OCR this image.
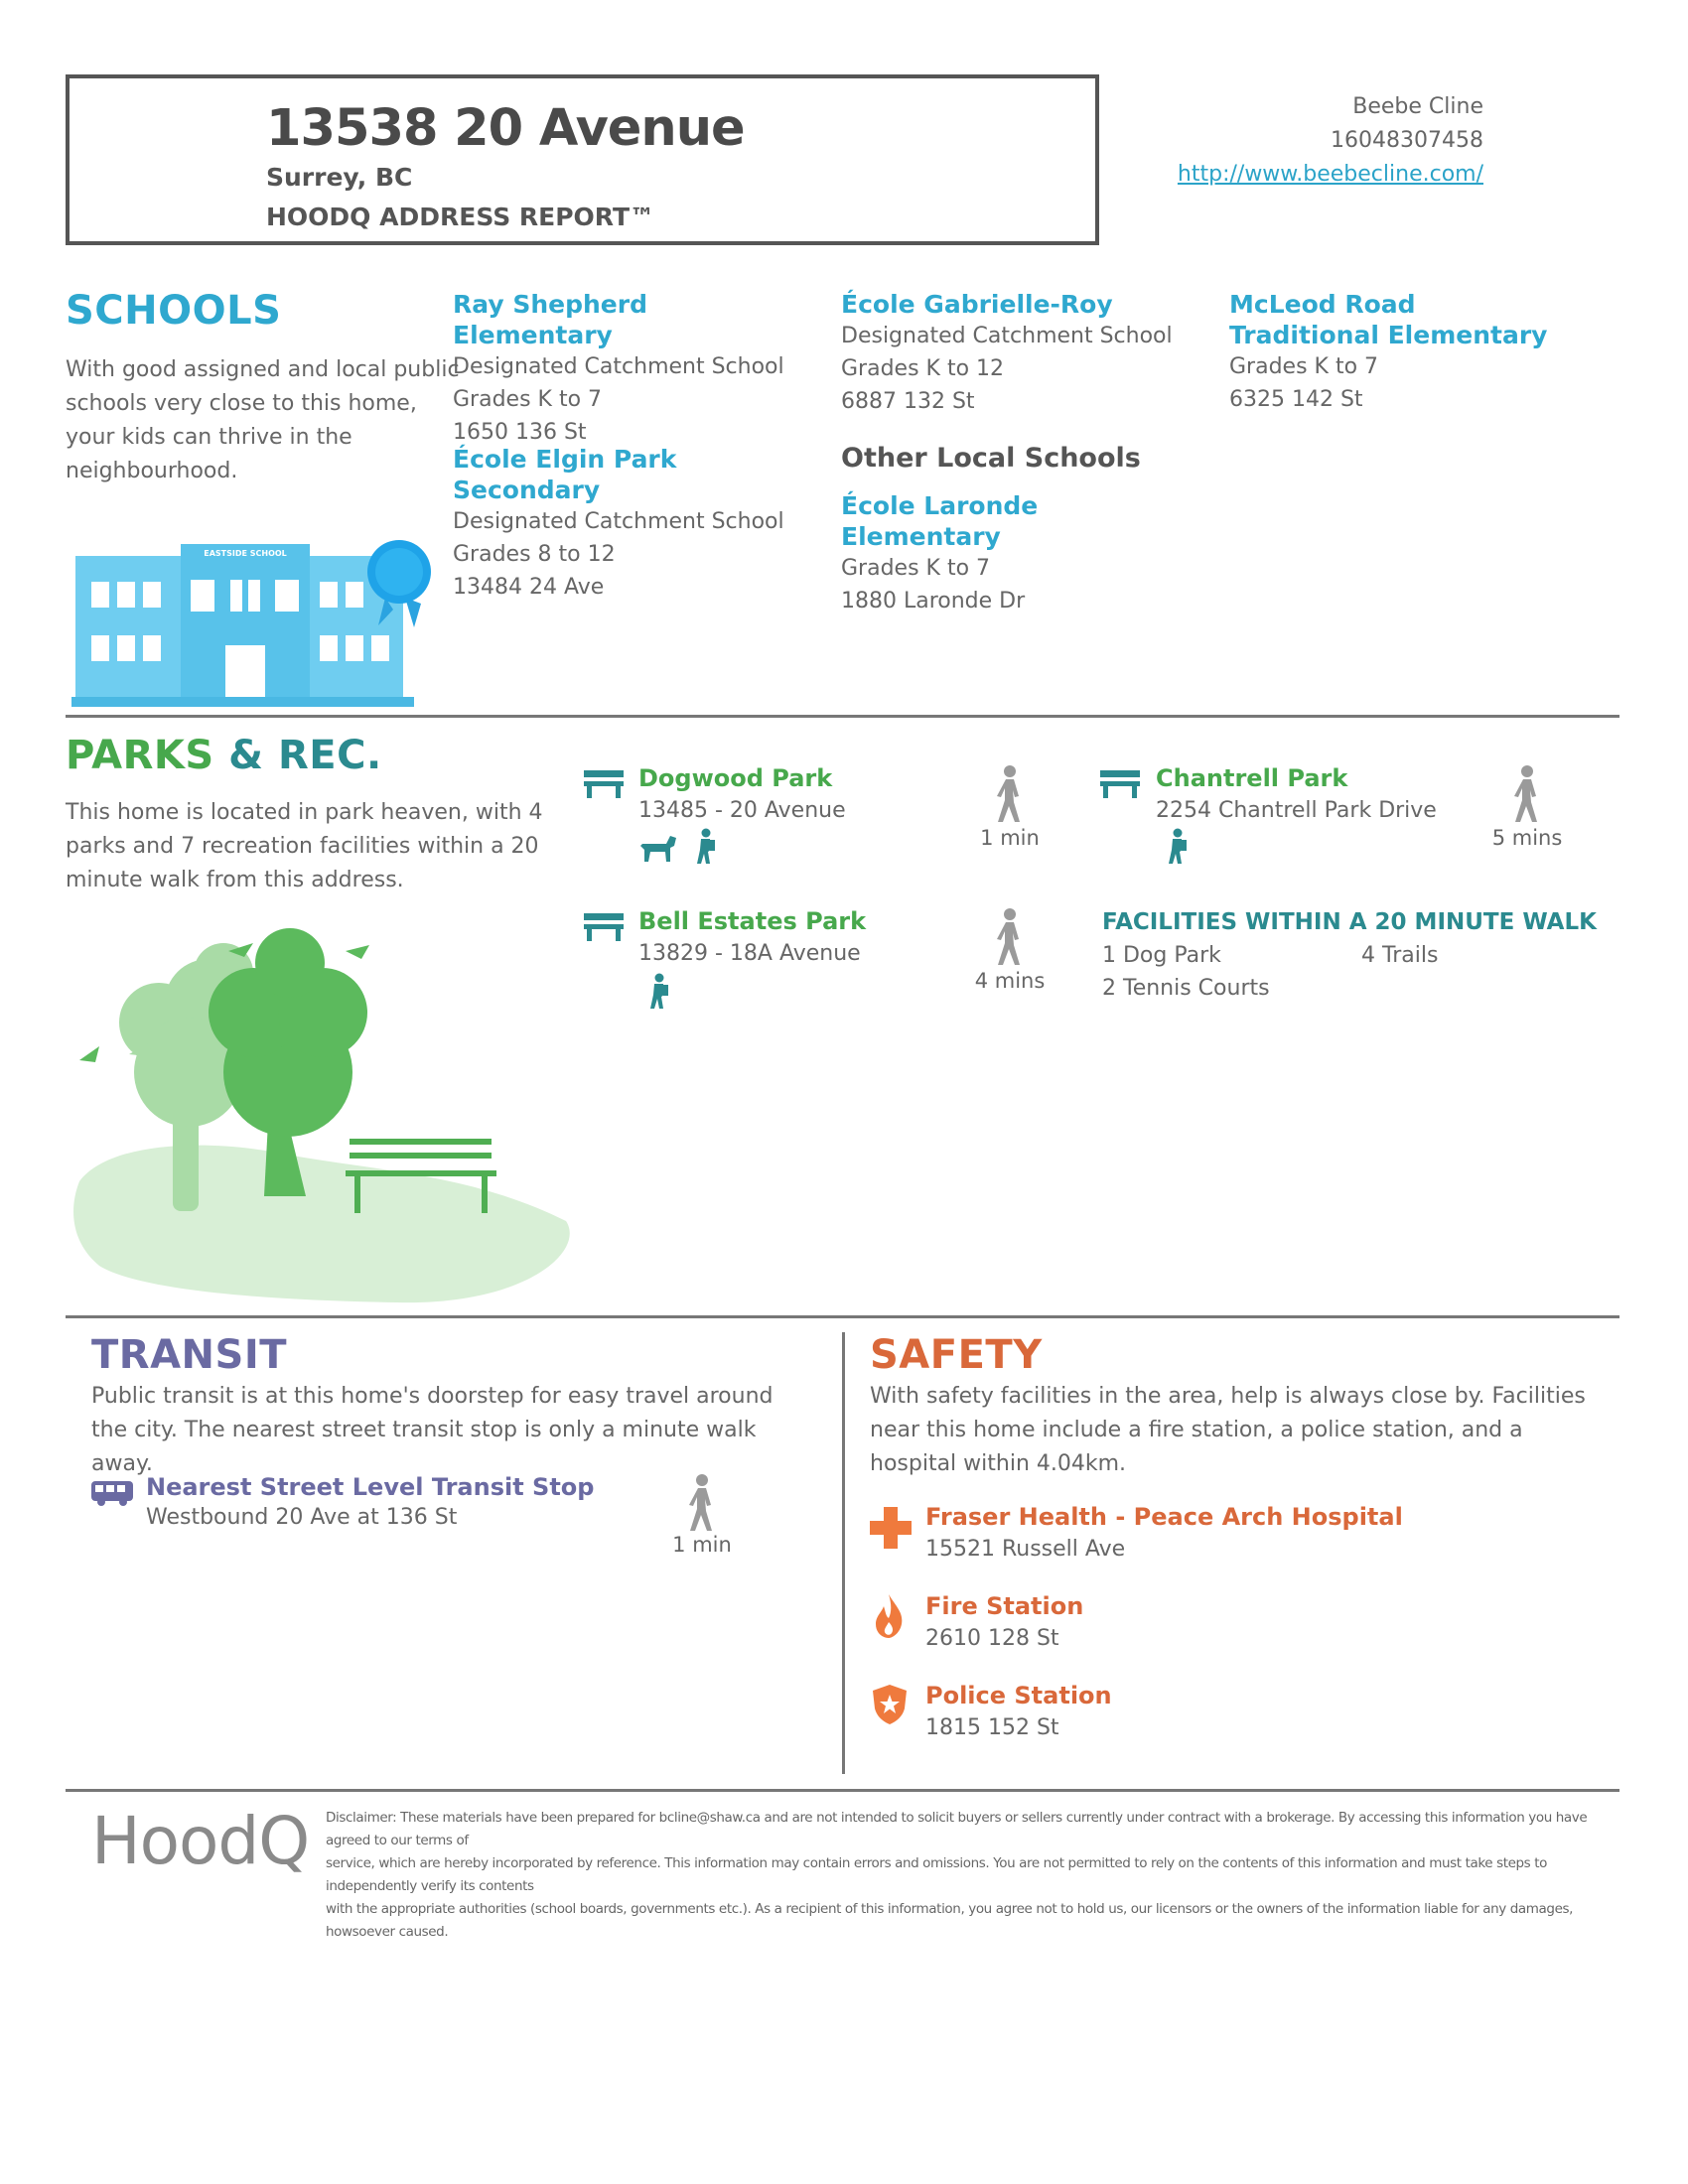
13538 20 Avenue
Surrey, BC
HOODQ ADDRESS REPORT™
Beebe Cline
16048307458
http://www.beebecline.com/
SCHOOLS
With good assigned and local public schools very close to this home, your kids can thrive in the neighbourhood.
EASTSIDE SCHOOL
Ray Shepherd Elementary
Designated Catchment School
Grades K to 7
1650 136 St
École Gabrielle-Roy
Designated Catchment School
Grades K to 12
6887 132 St
McLeod Road Traditional Elementary
Grades K to 7
6325 142 St
École Elgin Park Secondary
Designated Catchment School
Grades 8 to 12
13484 24 Ave
Other Local Schools
École Laronde Elementary
Grades K to 7
1880 Laronde Dr
PARKS & REC.
This home is located in park heaven, with 4 parks and 7 recreation facilities within a 20 minute walk from this address.
Dogwood Park
13485 - 20 Avenue
1 min
Chantrell Park
2254 Chantrell Park Drive
5 mins
Bell Estates Park
13829 - 18A Avenue
4 mins
FACILITIES WITHIN A 20 MINUTE WALK
1 Dog Park	4 Trails
2 Tennis Courts
TRANSIT
Public transit is at this home's doorstep for easy travel around the city. The nearest street transit stop is only a minute walk away.
Nearest Street Level Transit Stop
Westbound 20 Ave at 136 St
1 min
SAFETY
With safety facilities in the area, help is always close by. Facilities near this home include a fire station, a police station, and a hospital within 4.04km.
Fraser Health - Peace Arch Hospital
15521 Russell Ave
Fire Station
2610 128 St
Police Station
1815 152 St
HoodQ Disclaimer: These materials have been prepared for bcline@shaw.ca and are not intended to solicit buyers or sellers currently under contract with a brokerage. By accessing this information you have agreed to our terms of
service, which are hereby incorporated by reference. This information may contain errors and omissions. You are not permitted to rely on the contents of this information and must take steps to independently verify its contents
with the appropriate authorities (school boards, governments etc.). As a recipient of this information, you agree not to hold us, our licensors or the owners of the information liable for any damages, howsoever caused.
